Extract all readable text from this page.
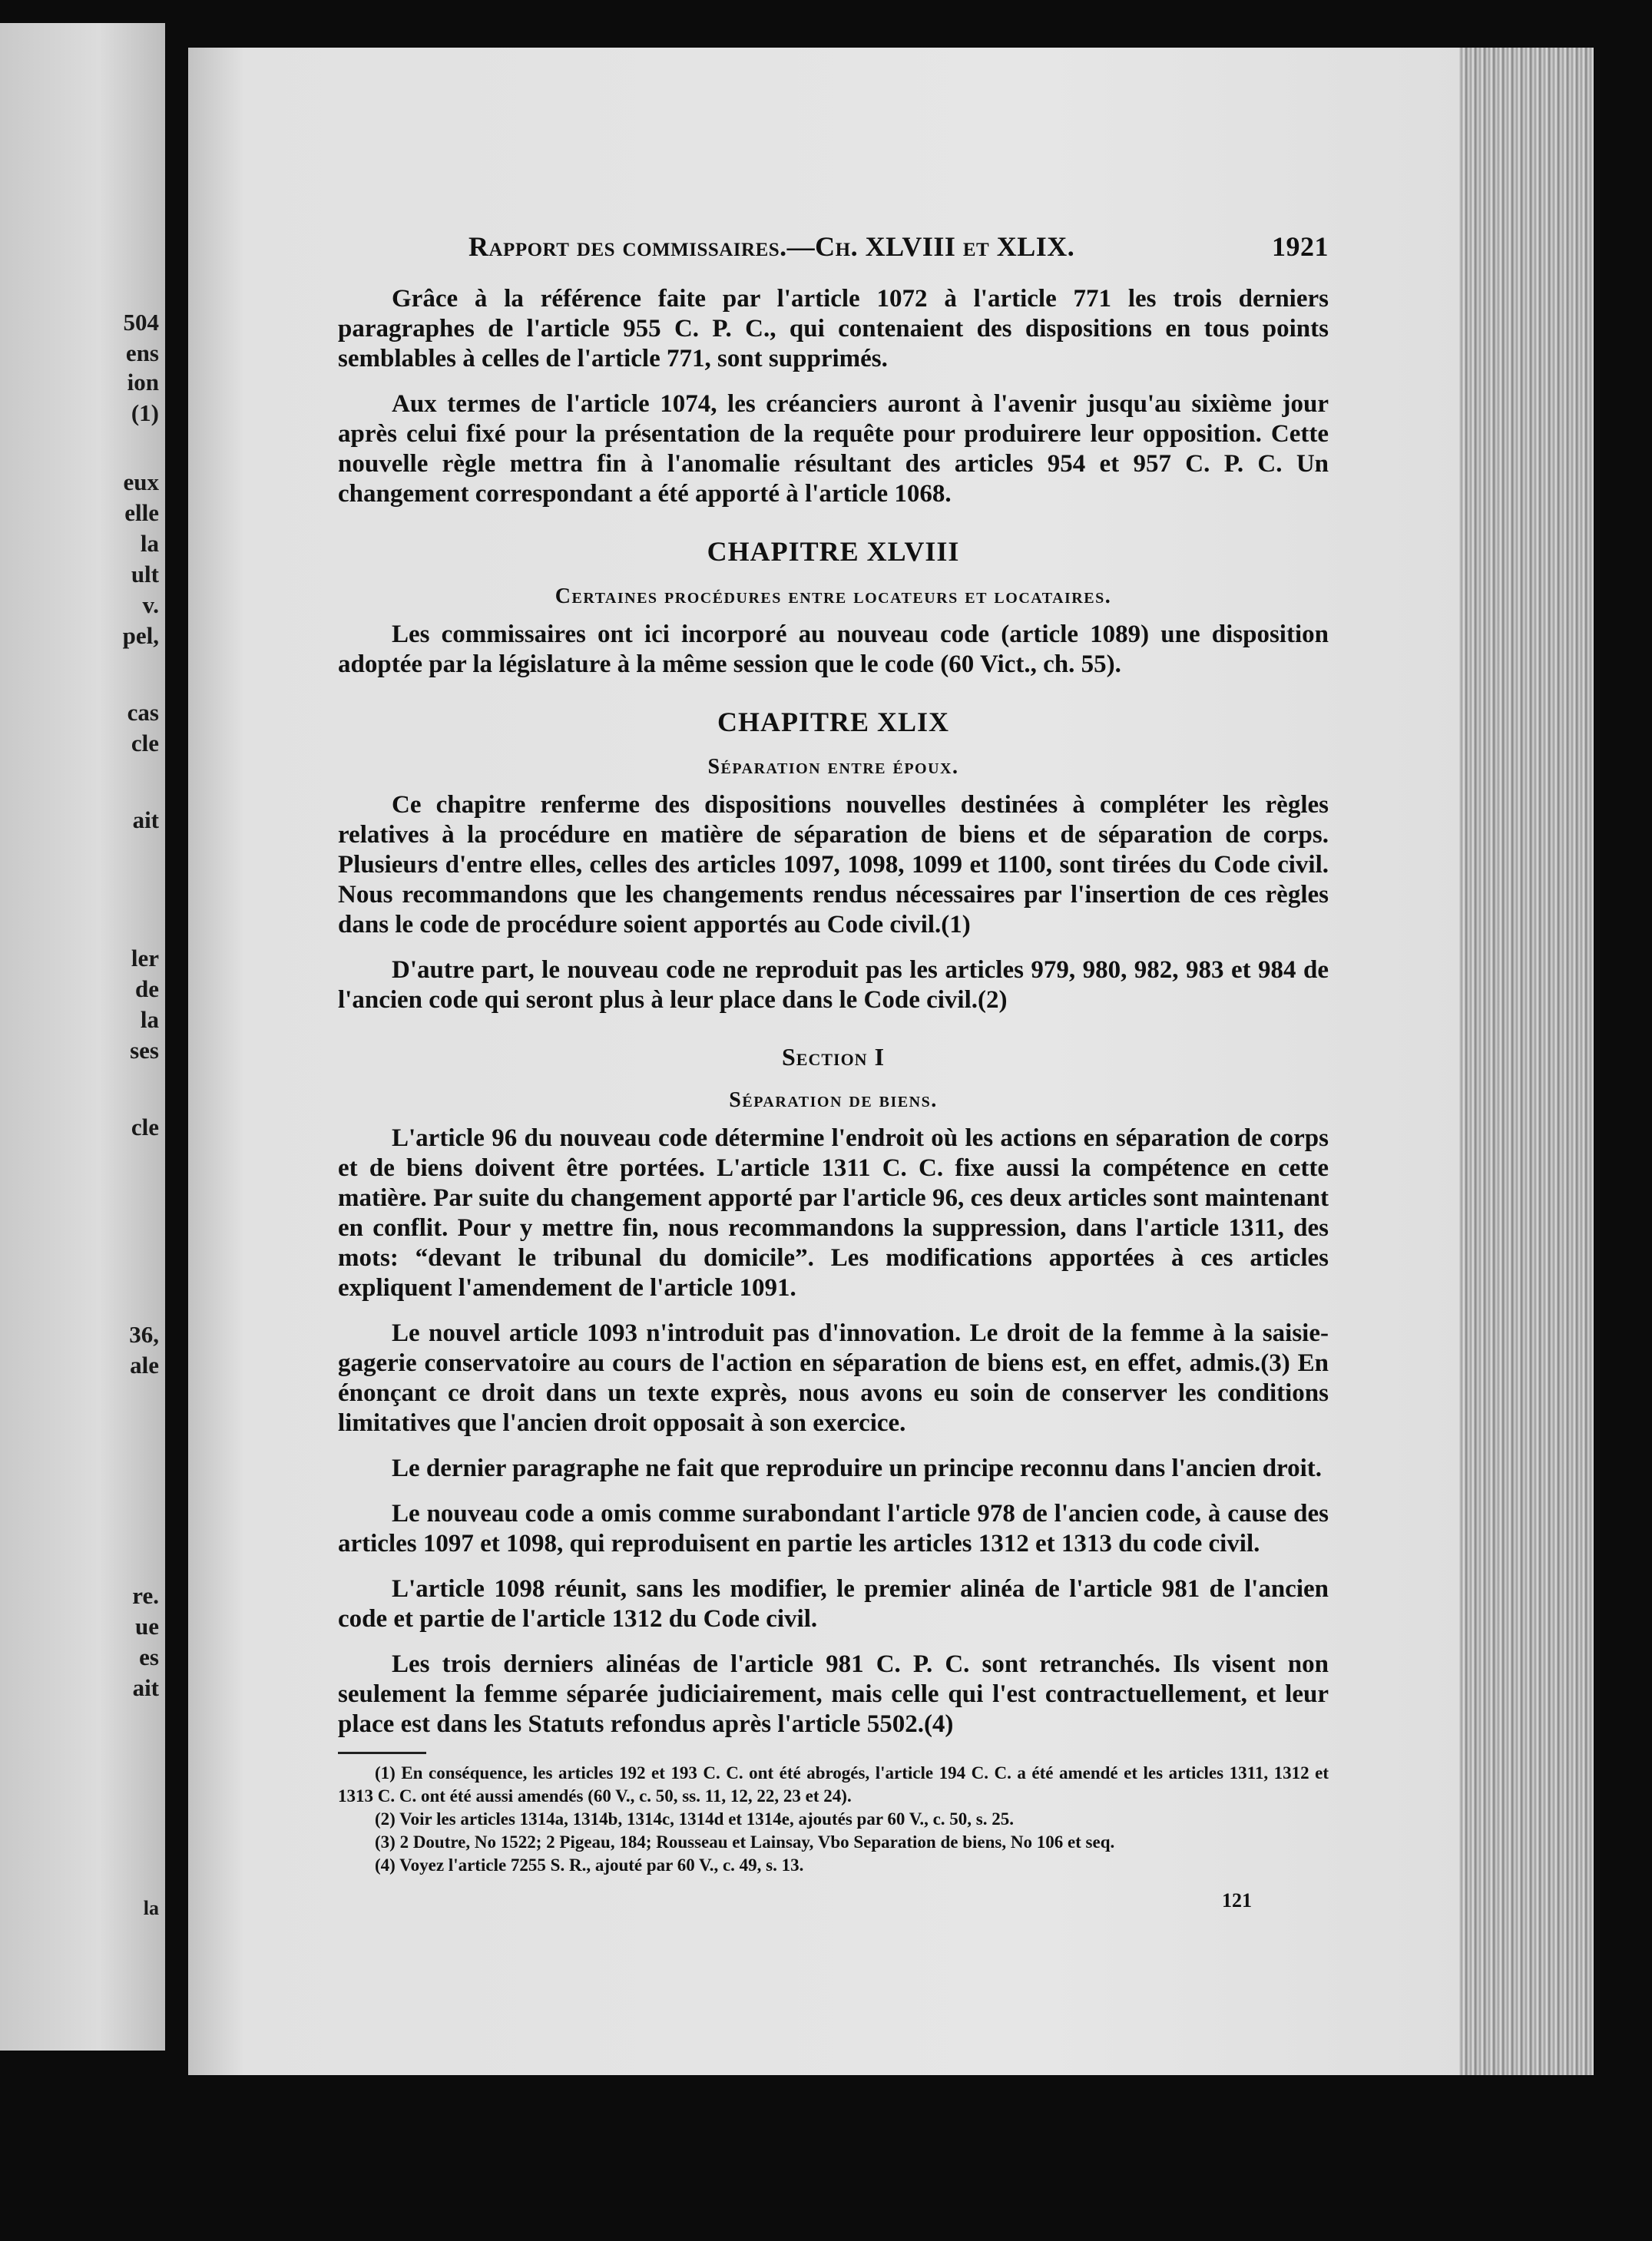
504
ens
ion
(1)
eux
elle
la
ult
v.
pel,
cas
cle
ait
ler
de
la
ses
cle
36,
ale
re.
ue
es
ait
la
Rapport des commissaires.—Ch. XLVIII et XLIX.	1921

Grâce à la référence faite par l'article 1072 à l'article 771 les trois derniers paragraphes de l'article 955 C. P. C., qui contenaient des dispositions en tous points semblables à celles de l'article 771, sont supprimés.

Aux termes de l'article 1074, les créanciers auront à l'avenir jusqu'au sixième jour après celui fixé pour la présentation de la requête pour produirere leur opposition. Cette nouvelle règle mettra fin à l'anomalie résultant des articles 954 et 957 C. P. C. Un changement correspondant a été apporté à l'article 1068.

CHAPITRE XLVIII
Certaines procédures entre locateurs et locataires.

Les commissaires ont ici incorporé au nouveau code (article 1089) une disposition adoptée par la législature à la même session que le code (60 Vict., ch. 55).

CHAPITRE XLIX
Séparation entre époux.

Ce chapitre renferme des dispositions nouvelles destinées à compléter les règles relatives à la procédure en matière de séparation de biens et de séparation de corps. Plusieurs d'entre elles, celles des articles 1097, 1098, 1099 et 1100, sont tirées du Code civil. Nous recommandons que les changements rendus nécessaires par l'insertion de ces règles dans le code de procédure soient apportés au Code civil.(1)

D'autre part, le nouveau code ne reproduit pas les articles 979, 980, 982, 983 et 984 de l'ancien code qui seront plus à leur place dans le Code civil.(2)

Section I
Séparation de biens.

L'article 96 du nouveau code détermine l'endroit où les actions en séparation de corps et de biens doivent être portées. L'article 1311 C. C. fixe aussi la compétence en cette matière. Par suite du changement apporté par l'article 96, ces deux articles sont maintenant en conflit. Pour y mettre fin, nous recommandons la suppression, dans l'article 1311, des mots: “devant le tribunal du domicile”. Les modifications apportées à ces articles expliquent l'amendement de l'article 1091.

Le nouvel article 1093 n'introduit pas d'innovation. Le droit de la femme à la saisie-gagerie conservatoire au cours de l'action en séparation de biens est, en effet, admis.(3) En énonçant ce droit dans un texte exprès, nous avons eu soin de conserver les conditions limitatives que l'ancien droit opposait à son exercice.

Le dernier paragraphe ne fait que reproduire un principe reconnu dans l'ancien droit.

Le nouveau code a omis comme surabondant l'article 978 de l'ancien code, à cause des articles 1097 et 1098, qui reproduisent en partie les articles 1312 et 1313 du code civil.

L'article 1098 réunit, sans les modifier, le premier alinéa de l'article 981 de l'ancien code et partie de l'article 1312 du Code civil.

Les trois derniers alinéas de l'article 981 C. P. C. sont retranchés. Ils visent non seulement la femme séparée judiciairement, mais celle qui l'est contractuellement, et leur place est dans les Statuts refondus après l'article 5502.(4)

(1) En conséquence, les articles 192 et 193 C. C. ont été abrogés, l'article 194 C. C. a été amendé et les articles 1311, 1312 et 1313 C. C. ont été aussi amendés (60 V., c. 50, ss. 11, 12, 22, 23 et 24).

(2) Voir les articles 1314a, 1314b, 1314c, 1314d et 1314e, ajoutés par 60 V., c. 50, s. 25.

(3) 2 Doutre, No 1522; 2 Pigeau, 184; Rousseau et Lainsay, Vbo Separation de biens, No 106 et seq.

(4) Voyez l'article 7255 S. R., ajouté par 60 V., c. 49, s. 13.

121
